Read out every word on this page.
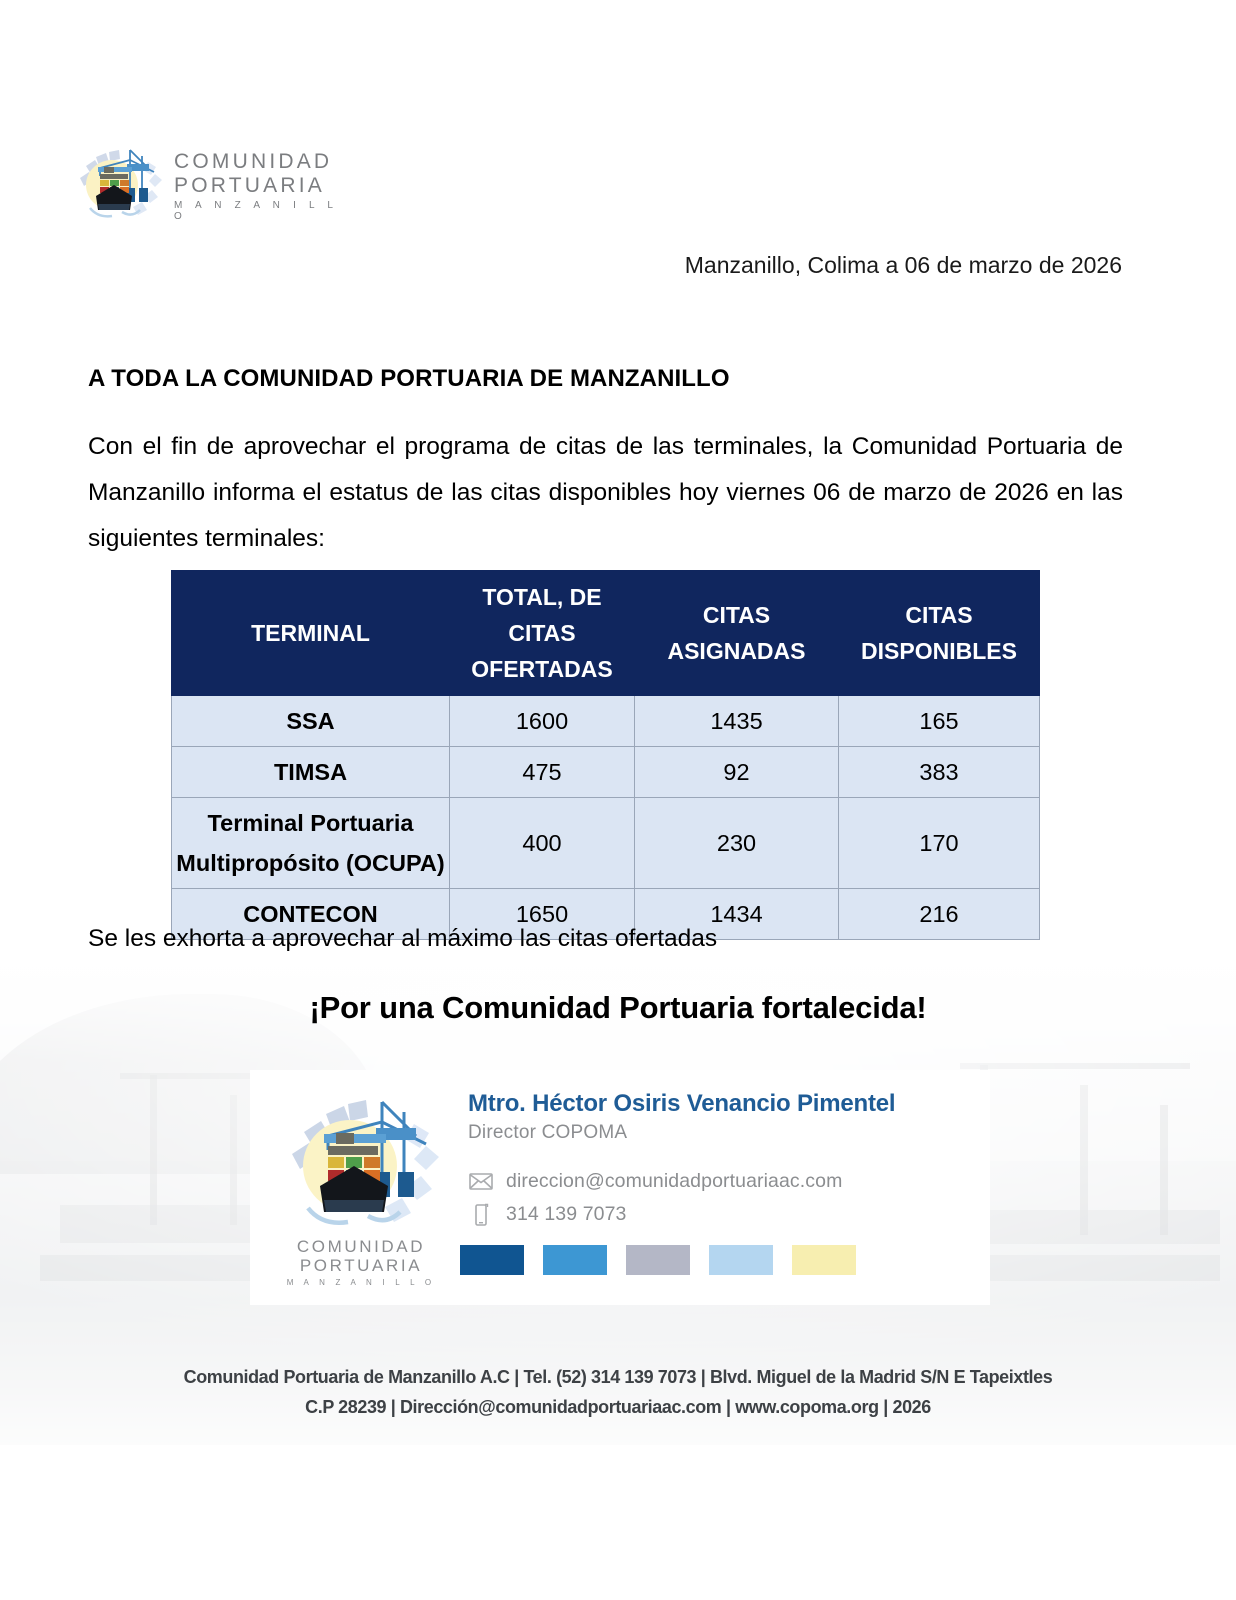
COMUNIDAD
PORTUARIA
M A N Z A N I L L O
Manzanillo, Colima a 06 de marzo de 2026
A TODA LA COMUNIDAD PORTUARIA DE MANZANILLO
Con el fin de aprovechar el programa de citas de las terminales, la Comunidad Portuaria de Manzanillo informa el estatus de las citas disponibles hoy viernes 06 de marzo de 2026 en las siguientes terminales:
TERMINAL	TOTAL, DE CITAS OFERTADAS	CITAS ASIGNADAS	CITAS DISPONIBLES
SSA	1600	1435	165
TIMSA	475	92	383
Terminal Portuaria Multipropósito (OCUPA)	400	230	170
CONTECON	1650	1434	216
Se les exhorta a aprovechar al máximo las citas ofertadas
¡Por una Comunidad Portuaria fortalecida!
COMUNIDAD
PORTUARIA
M A N Z A N I L L O
Mtro. Héctor Osiris Venancio Pimentel
Director COPOMA
direccion@comunidadportuariaac.com
314 139 7073
Comunidad Portuaria de Manzanillo A.C | Tel. (52) 314 139 7073 | Blvd. Miguel de la Madrid S/N E Tapeixtles
C.P 28239 | Dirección@comunidadportuariaac.com | www.copoma.org | 2026
